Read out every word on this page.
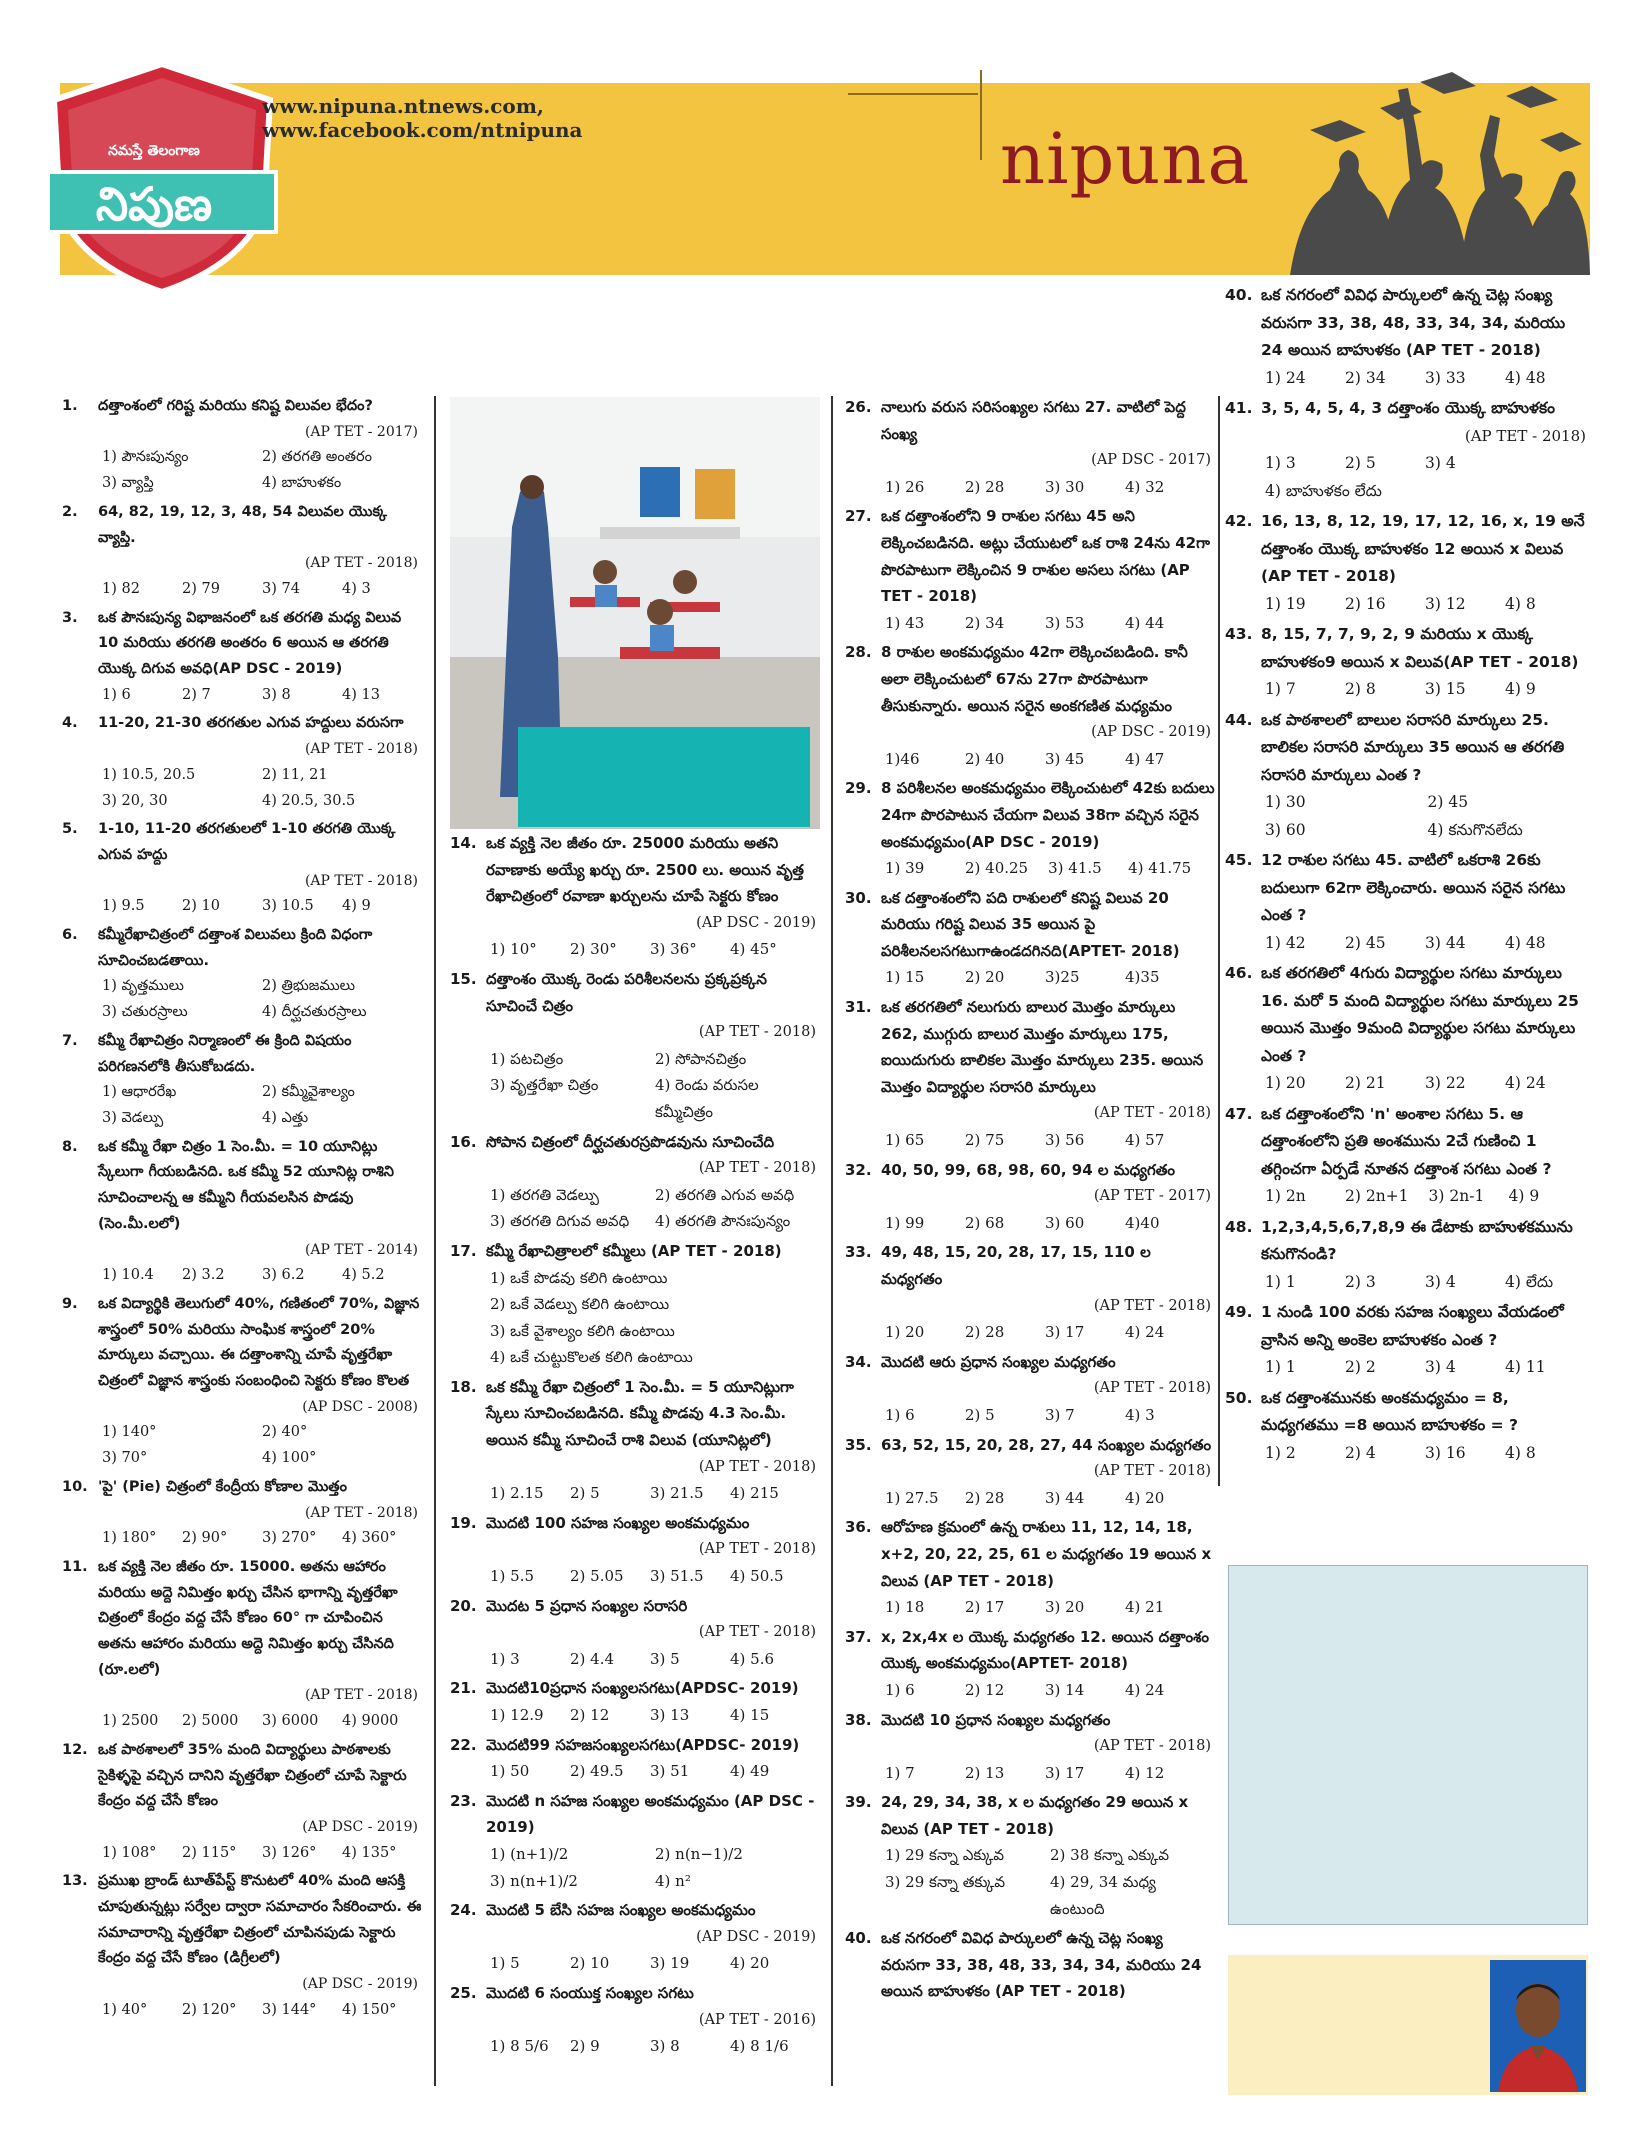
నమస్తే తెలంగాణ
నిపుణ
www.nipuna.ntnews.com,
www.facebook.com/ntnipuna	nipuna
1.	దత్తాంశంలో గరిష్ట మరియు కనిష్ట విలువల భేదం?
(AP TET - 2017)
1) పౌనఃపున్యం	2) తరగతి అంతరం
3) వ్యాప్తి	4) బాహుళకం
2.	64, 82, 19, 12, 3, 48, 54 విలువల యొక్క వ్యాప్తి.
(AP TET - 2018)
1) 82	2) 79	3) 74	4) 3
3.	ఒక పౌనఃపున్య విభాజనంలో ఒక తరగతి మధ్య విలువ 10 మరియు తరగతి అంతరం 6 అయిన ఆ తరగతి యొక్క దిగువ అవధి(AP DSC - 2019)
1) 6	2) 7	3) 8	4) 13
4.	11-20, 21-30 తరగతుల ఎగువ హద్దులు వరుసగా
(AP TET - 2018)
1) 10.5, 20.5	2) 11, 21
3) 20, 30	4) 20.5, 30.5
5.	1-10, 11-20 తరగతులలో 1-10 తరగతి యొక్క ఎగువ హద్దు
(AP TET - 2018)
1) 9.5	2) 10	3) 10.5	4) 9
6.	కమ్మీరేఖాచిత్రంలో దత్తాంశ విలువలు క్రింది విధంగా సూచించబడతాయి.
1) వృత్తములు	2) త్రిభుజములు
3) చతురస్రాలు	4) దీర్ఘచతురస్రాలు
7.	కమ్మీ రేఖాచిత్రం నిర్మాణంలో ఈ క్రింది విషయం పరిగణనలోకి తీసుకోబడదు.
1) ఆధారరేఖ	2) కమ్మీవైశాల్యం
3) వెడల్పు	4) ఎత్తు
8.	ఒక కమ్మీ రేఖా చిత్రం 1 సెం.మీ. = 10 యూనిట్లు స్కేలుగా గీయబడినది. ఒక కమ్మీ 52 యూనిట్ల రాశిని సూచించాలన్న ఆ కమ్మీని గీయవలసిన పొడవు (సెం.మీ.లలో)
(AP TET - 2014)
1) 10.4	2) 3.2	3) 6.2	4) 5.2
9.	ఒక విద్యార్థికి తెలుగులో 40%, గణితంలో 70%, విజ్ఞాన శాస్త్రంలో 50% మరియు సాంఘిక శాస్త్రంలో 20% మార్కులు వచ్చాయి. ఈ దత్తాంశాన్ని చూపే వృత్తరేఖా చిత్రంలో విజ్ఞాన శాస్త్రంకు సంబంధించి సెక్టరు కోణం కొలత
(AP DSC - 2008)
1) 140°	2) 40°
3) 70°	4) 100°
10. 'పై' (Pie) చిత్రంలో కేంద్రీయ కోణాల మొత్తం
(AP TET - 2018)
1) 180°	2) 90°	3) 270°	4) 360°
11. ఒక వ్యక్తి నెల జీతం రూ. 15000. అతను ఆహారం మరియు అద్దె నిమిత్తం ఖర్చు చేసిన భాగాన్ని వృత్తరేఖా చిత్రంలో కేంద్రం వద్ద చేసే కోణం 60° గా చూపించిన అతను ఆహారం మరియు అద్దె నిమిత్తం ఖర్చు చేసినది (రూ.లలో)
(AP TET - 2018)
1) 2500	2) 5000	3) 6000	4) 9000
12. ఒక పాఠశాలలో 35% మంది విద్యార్థులు పాఠశాలకు సైకిళ్ళపై వచ్చిన దానిని వృత్తరేఖా చిత్రంలో చూపే సెక్టారు కేంద్రం వద్ద చేసే కోణం
(AP DSC - 2019)
1) 108°	2) 115°	3) 126°	4) 135°
13. ప్రముఖ బ్రాండ్ టూత్‌పేస్ట్ కొనుటలో 40% మంది ఆసక్తి చూపుతున్నట్లు సర్వేల ద్వారా సమాచారం సేకరించారు. ఈ సమాచారాన్ని వృత్తరేఖా చిత్రంలో చూపినపుడు సెక్టారు కేంద్రం వద్ద చేసే కోణం (డిగ్రీలలో)
(AP DSC - 2019)
1) 40°	2) 120°	3) 144°	4) 150°
14. ఒక వ్యక్తి నెల జీతం రూ. 25000 మరియు అతని రవాణాకు అయ్యే ఖర్చు రూ. 2500 లు. అయిన వృత్త రేఖాచిత్రంలో రవాణా ఖర్చులను చూపే సెక్టరు కోణం
(AP DSC - 2019)
1) 10°	2) 30°	3) 36°	4) 45°
15. దత్తాంశం యొక్క రెండు పరిశీలనలను ప్రక్కప్రక్కన సూచించే చిత్రం
(AP TET - 2018)
1) పటచిత్రం	2) సోపానచిత్రం
3) వృత్తరేఖా చిత్రం	4) రెండు వరుసల కమ్మీచిత్రం
16. సోపాన చిత్రంలో దీర్ఘచతురస్రపొడవును సూచించేది
(AP TET - 2018)
1) తరగతి వెడల్పు	2) తరగతి ఎగువ అవధి
3) తరగతి దిగువ అవధి	4) తరగతి పౌనఃపున్యం
17. కమ్మీ రేఖాచిత్రాలలో కమ్మీలు (AP TET - 2018)
1) ఒకే పొడవు కలిగి ఉంటాయి
2) ఒకే వెడల్పు కలిగి ఉంటాయి
3) ఒకే వైశాల్యం కలిగి ఉంటాయి
4) ఒకే చుట్టుకొలత కలిగి ఉంటాయి
18. ఒక కమ్మీ రేఖా చిత్రంలో 1 సెం.మీ. = 5 యూనిట్లుగా స్కేలు సూచించబడినది. కమ్మీ పొడవు 4.3 సెం.మీ. అయిన కమ్మీ సూచించే రాశి విలువ (యూనిట్లలో)
(AP TET - 2018)
1) 2.15	2) 5	3) 21.5	4) 215
19. మొదటి 100 సహజ సంఖ్యల అంకమధ్యమం
(AP TET - 2018)
1) 5.5	2) 5.05	3) 51.5	4) 50.5
20. మొదట 5 ప్రధాన సంఖ్యల సరాసరి
(AP TET - 2018)
1) 3	2) 4.4	3) 5	4) 5.6
21. మొదటి10ప్రధాన సంఖ్యలసగటు(APDSC- 2019)
1) 12.9	2) 12	3) 13	4) 15
22. మొదటి99 సహజసంఖ్యలసగటు(APDSC- 2019)
1) 50	2) 49.5	3) 51	4) 49
23. మొదటి n సహజ సంఖ్యల అంకమధ్యమం (AP DSC - 2019)
1) (n+1)/2	2) n(n−1)/2
3) n(n+1)/2	4) n²
24. మొదటి 5 బేసి సహజ సంఖ్యల అంకమధ్యమం
(AP DSC - 2019)
1) 5	2) 10	3) 19	4) 20
25. మొదటి 6 సంయుక్త సంఖ్యల సగటు
(AP TET - 2016)
1) 8 5/6	2) 9	3) 8	4) 8 1/6
26. నాలుగు వరుస సరిసంఖ్యల సగటు 27. వాటిలో పెద్ద సంఖ్య
(AP DSC - 2017)
1) 26	2) 28	3) 30	4) 32
27. ఒక దత్తాంశంలోని 9 రాశుల సగటు 45 అని లెక్కించబడినది. అట్లు చేయుటలో ఒక రాశి 24ను 42గా పొరపాటుగా లెక్కించిన 9 రాశుల అసలు సగటు (AP TET - 2018)
1) 43	2) 34	3) 53	4) 44
28. 8 రాశుల అంకమధ్యమం 42గా లెక్కించబడింది. కానీ అలా లెక్కించుటలో 67ను 27గా పొరపాటుగా తీసుకున్నారు. అయిన సరైన అంకగణిత మధ్యమం
(AP DSC - 2019)
1)46	2) 40	3) 45	4) 47
29. 8 పరిశీలనల అంకమధ్యమం లెక్కించుటలో 42కు బదులు 24గా పొరపాటున చేయగా విలువ 38గా వచ్చిన సరైన అంకమధ్యమం(AP DSC - 2019)
1) 39	2) 40.25	3) 41.5	4) 41.75
30. ఒక దత్తాంశంలోని పది రాశులలో కనిష్ట విలువ 20 మరియు గరిష్ట విలువ 35 అయిన పై పరిశీలనలసగటుగాఉండదగినది(APTET- 2018)
1) 15	2) 20	3)25	4)35
31. ఒక తరగతిలో నలుగురు బాలుర మొత్తం మార్కులు 262, ముగ్గురు బాలుర మొత్తం మార్కులు 175, ఐయిదుగురు బాలికల మొత్తం మార్కులు 235. అయిన మొత్తం విద్యార్థుల సరాసరి మార్కులు
(AP TET - 2018)
1) 65	2) 75	3) 56	4) 57
32. 40, 50, 99, 68, 98, 60, 94 ల మధ్యగతం
(AP TET - 2017)
1) 99	2) 68	3) 60	4)40
33. 49, 48, 15, 20, 28, 17, 15, 110 ల మధ్యగతం
(AP TET - 2018)
1) 20	2) 28	3) 17	4) 24
34. మొదటి ఆరు ప్రధాన సంఖ్యల మధ్యగతం
(AP TET - 2018)
1) 6	2) 5	3) 7	4) 3
35. 63, 52, 15, 20, 28, 27, 44 సంఖ్యల మధ్యగతం
(AP TET - 2018)
1) 27.5	2) 28	3) 44	4) 20
36. ఆరోహణ క్రమంలో ఉన్న రాశులు 11, 12, 14, 18, x+2, 20, 22, 25, 61 ల మధ్యగతం 19 అయిన x విలువ (AP TET - 2018)
1) 18	2) 17	3) 20	4) 21
37. x, 2x,4x ల యొక్క మధ్యగతం 12. అయిన దత్తాంశం యొక్క అంకమధ్యమం(APTET- 2018)
1) 6	2) 12	3) 14	4) 24
38. మొదటి 10 ప్రధాన సంఖ్యల మధ్యగతం
(AP TET - 2018)
1) 7	2) 13	3) 17	4) 12
39. 24, 29, 34, 38, x ల మధ్యగతం 29 అయిన x విలువ (AP TET - 2018)
1) 29 కన్నా ఎక్కువ	2) 38 కన్నా ఎక్కువ
3) 29 కన్నా తక్కువ	4) 29, 34 మధ్య ఉంటుంది
40. ఒక నగరంలో వివిధ పార్కులలో ఉన్న చెట్ల సంఖ్య వరుసగా 33, 38, 48, 33, 34, 34, మరియు 24 అయిన బాహుళకం (AP TET - 2018)
40. ఒక నగరంలో వివిధ పార్కులలో ఉన్న చెట్ల సంఖ్య వరుసగా 33, 38, 48, 33, 34, 34, మరియు 24 అయిన బాహుళకం (AP TET - 2018)
1) 24	2) 34	3) 33	4) 48
41. 3, 5, 4, 5, 4, 3 దత్తాంశం యొక్క బాహుళకం
(AP TET - 2018)
1) 3	2) 5	3) 4
4) బాహుళకం లేదు
42. 16, 13, 8, 12, 19, 17, 12, 16, x, 19 అనే దత్తాంశం యొక్క బాహుళకం 12 అయిన x విలువ (AP TET - 2018)
1) 19	2) 16	3) 12	4) 8
43. 8, 15, 7, 7, 9, 2, 9 మరియు x యొక్క బాహుళకం9 అయిన x విలువ(AP TET - 2018)
1) 7	2) 8	3) 15	4) 9
44. ఒక పాఠశాలలో బాలుల సరాసరి మార్కులు 25. బాలికల సరాసరి మార్కులు 35 అయిన ఆ తరగతి సరాసరి మార్కులు ఎంత ?
1) 30	2) 45
3) 60	4) కనుగొనలేదు
45. 12 రాశుల సగటు 45. వాటిలో ఒకరాశి 26కు బదులుగా 62గా లెక్కించారు. అయిన సరైన సగటు ఎంత ?
1) 42	2) 45	3) 44	4) 48
46. ఒక తరగతిలో 4గురు విద్యార్థుల సగటు మార్కులు 16. మరో 5 మంది విద్యార్థుల సగటు మార్కులు 25 అయిన మొత్తం 9మంది విద్యార్థుల సగటు మార్కులు ఎంత ?
1) 20	2) 21	3) 22	4) 24
47. ఒక దత్తాంశంలోని 'n' అంశాల సగటు 5. ఆ దత్తాంశంలోని ప్రతి అంశమును 2చే గుణించి 1 తగ్గించగా ఏర్పడే నూతన దత్తాంశ సగటు ఎంత ?
1) 2n	2) 2n+1	3) 2n-1	4) 9
48. 1,2,3,4,5,6,7,8,9 ఈ డేటాకు బాహుళకమును కనుగొనండి?
1) 1	2) 3	3) 4	4) లేదు
49. 1 నుండి 100 వరకు సహజ సంఖ్యలు వేయడంలో వ్రాసిన అన్ని అంకెల బాహుళకం ఎంత ?
1) 1	2) 2	3) 4	4) 11
50. ఒక దత్తాంశమునకు అంకమధ్యమం = 8, మధ్యగతము =8 అయిన బాహుళకం = ?
1) 2	2) 4	3) 16	4) 8
